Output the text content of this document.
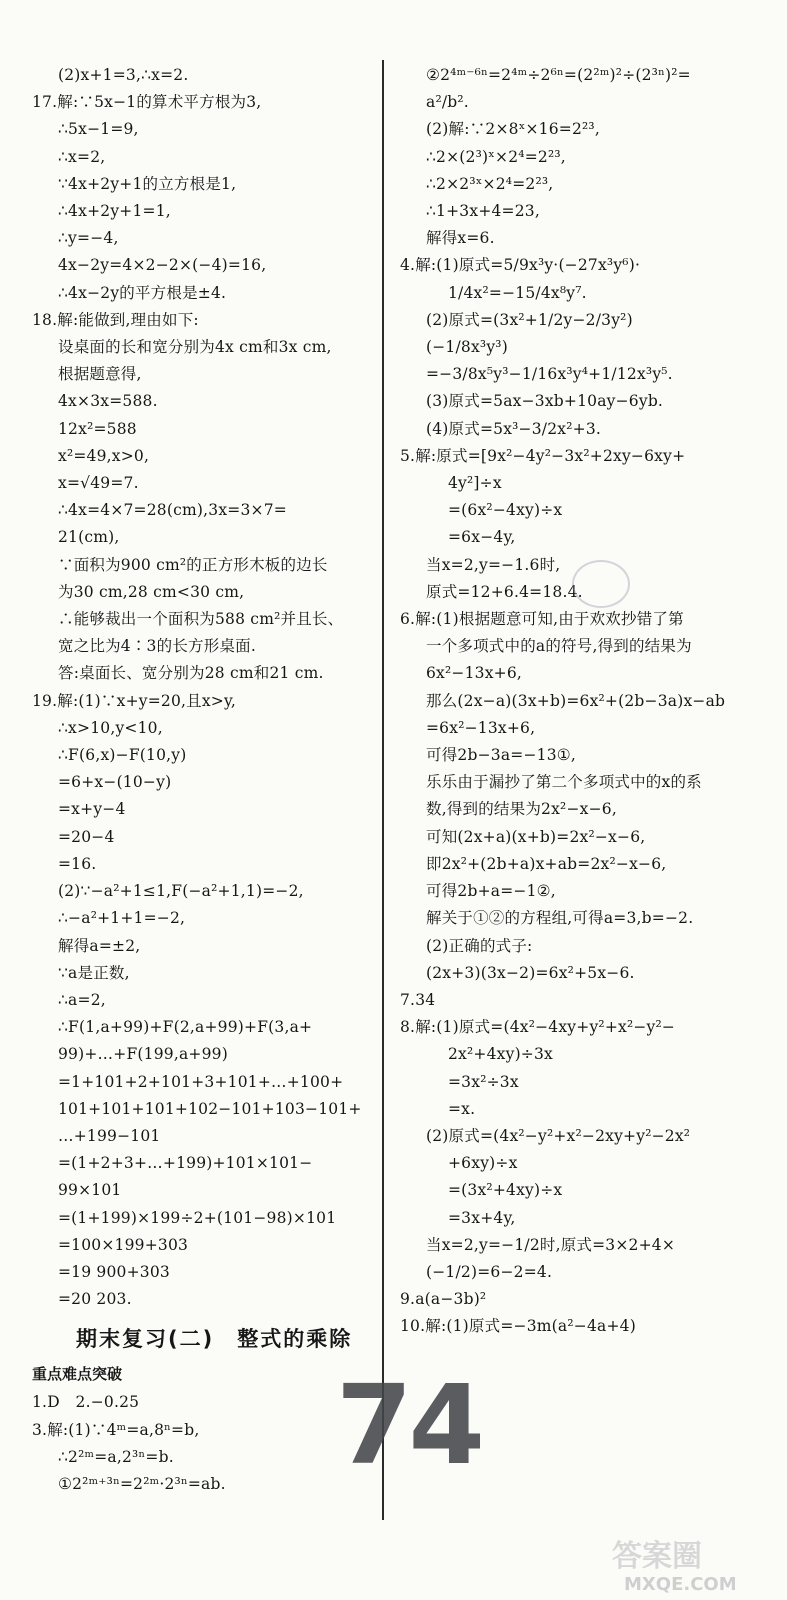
(2)x+1=3,∴x=2.
17.解:∵5x−1的算术平方根为3,
∴5x−1=9,
∴x=2,
∵4x+2y+1的立方根是1,
∴4x+2y+1=1,
∴y=−4,
4x−2y=4×2−2×(−4)=16,
∴4x−2y的平方根是±4.
18.解:能做到,理由如下:
设桌面的长和宽分别为4x cm和3x cm,
根据题意得,
4x×3x=588.
12x²=588
x²=49,x>0,
x=√49=7.
∴4x=4×7=28(cm),3x=3×7=
21(cm),
∵面积为900 cm²的正方形木板的边长
为30 cm,28 cm<30 cm,
∴能够裁出一个面积为588 cm²并且长、
宽之比为4∶3的长方形桌面.
答:桌面长、宽分别为28 cm和21 cm.
19.解:(1)∵x+y=20,且x>y,
∴x>10,y<10,
∴F(6,x)−F(10,y)
=6+x−(10−y)
=x+y−4
=20−4
=16.
(2)∵−a²+1≤1,F(−a²+1,1)=−2,
∴−a²+1+1=−2,
解得a=±2,
∵a是正数,
∴a=2,
∴F(1,a+99)+F(2,a+99)+F(3,a+
99)+…+F(199,a+99)
=1+101+2+101+3+101+…+100+
101+101+101+102−101+103−101+
…+199−101
=(1+2+3+…+199)+101×101−
99×101
=(1+199)×199÷2+(101−98)×101
=100×199+303
=19 900+303
=20 203.
期末复习(二)　整式的乘除
重点难点突破
1.D　2.−0.25
3.解:(1)∵4ᵐ=a,8ⁿ=b,
∴2²ᵐ=a,2³ⁿ=b.
①2²ᵐ⁺³ⁿ=2²ᵐ·2³ⁿ=ab.
②2⁴ᵐ⁻⁶ⁿ=2⁴ᵐ÷2⁶ⁿ=(2²ᵐ)²÷(2³ⁿ)²=
a²/b².
(2)解:∵2×8ˣ×16=2²³,
∴2×(2³)ˣ×2⁴=2²³,
∴2×2³ˣ×2⁴=2²³,
∴1+3x+4=23,
解得x=6.
4.解:(1)原式=5/9x³y·(−27x³y⁶)·
1/4x²=−15/4x⁸y⁷.
(2)原式=(3x²+1/2y−2/3y²)
(−1/8x³y³)
=−3/8x⁵y³−1/16x³y⁴+1/12x³y⁵.
(3)原式=5ax−3xb+10ay−6yb.
(4)原式=5x³−3/2x²+3.
5.解:原式=[9x²−4y²−3x²+2xy−6xy+
4y²]÷x
=(6x²−4xy)÷x
=6x−4y,
当x=2,y=−1.6时,
原式=12+6.4=18.4.
6.解:(1)根据题意可知,由于欢欢抄错了第
一个多项式中的a的符号,得到的结果为
6x²−13x+6,
那么(2x−a)(3x+b)=6x²+(2b−3a)x−ab
=6x²−13x+6,
可得2b−3a=−13①,
乐乐由于漏抄了第二个多项式中的x的系
数,得到的结果为2x²−x−6,
可知(2x+a)(x+b)=2x²−x−6,
即2x²+(2b+a)x+ab=2x²−x−6,
可得2b+a=−1②,
解关于①②的方程组,可得a=3,b=−2.
(2)正确的式子:
(2x+3)(3x−2)=6x²+5x−6.
7.34
8.解:(1)原式=(4x²−4xy+y²+x²−y²−
2x²+4xy)÷3x
=3x²÷3x
=x.
(2)原式=(4x²−y²+x²−2xy+y²−2x²
+6xy)÷x
=(3x²+4xy)÷x
=3x+4y,
当x=2,y=−1/2时,原式=3×2+4×
(−1/2)=6−2=4.
9.a(a−3b)²
10.解:(1)原式=−3m(a²−4a+4)
74
答案圈
MXQE.COM
